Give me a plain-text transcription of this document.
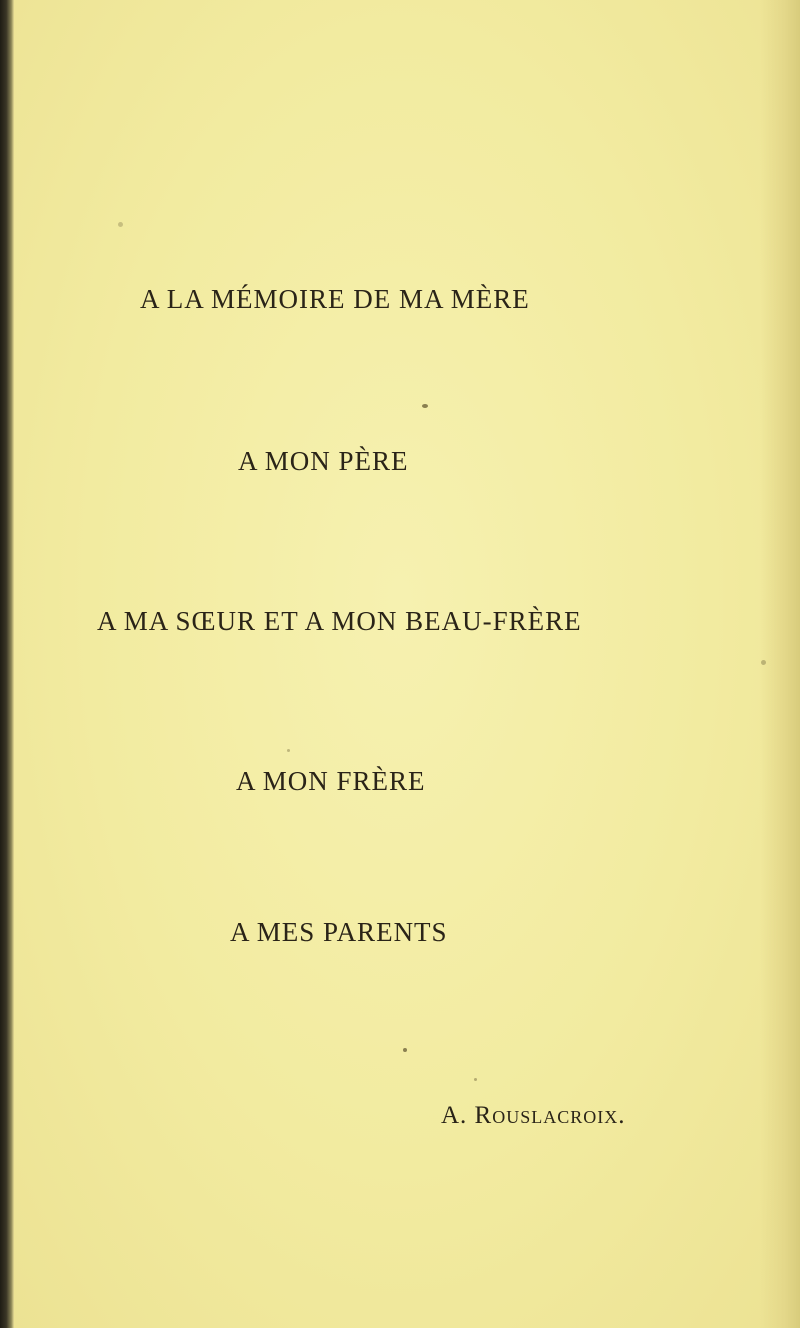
A LA MÉMOIRE DE MA MÈRE
A MON PÈRE
A MA SŒUR ET A MON BEAU-FRÈRE
A MON FRÈRE
A MES PARENTS
A. Rouslacroix.
